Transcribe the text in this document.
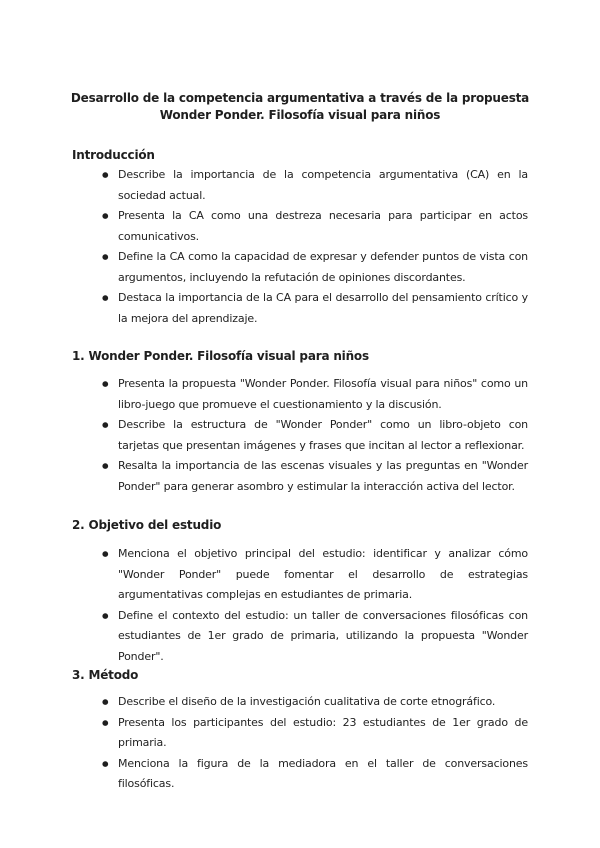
Desarrollo de la competencia argumentativa a través de la propuesta Wonder Ponder. Filosofía visual para niños
Introducción
● Describe la importancia de la competencia argumentativa (CA) en la sociedad actual.
● Presenta la CA como una destreza necesaria para participar en actos comunicativos.
● Define la CA como la capacidad de expresar y defender puntos de vista con argumentos, incluyendo la refutación de opiniones discordantes.
● Destaca la importancia de la CA para el desarrollo del pensamiento crítico y la mejora del aprendizaje.
1. Wonder Ponder. Filosofía visual para niños
● Presenta la propuesta "Wonder Ponder. Filosofía visual para niños" como un libro-juego que promueve el cuestionamiento y la discusión.
● Describe la estructura de "Wonder Ponder" como un libro-objeto con tarjetas que presentan imágenes y frases que incitan al lector a reflexionar.
● Resalta la importancia de las escenas visuales y las preguntas en "Wonder Ponder" para generar asombro y estimular la interacción activa del lector.
2. Objetivo del estudio
● Menciona el objetivo principal del estudio: identificar y analizar cómo "Wonder Ponder" puede fomentar el desarrollo de estrategias argumentativas complejas en estudiantes de primaria.
● Define el contexto del estudio: un taller de conversaciones filosóficas con estudiantes de 1er grado de primaria, utilizando la propuesta "Wonder Ponder".
3. Método
● Describe el diseño de la investigación cualitativa de corte etnográfico.
● Presenta los participantes del estudio: 23 estudiantes de 1er grado de primaria.
● Menciona la figura de la mediadora en el taller de conversaciones filosóficas.
